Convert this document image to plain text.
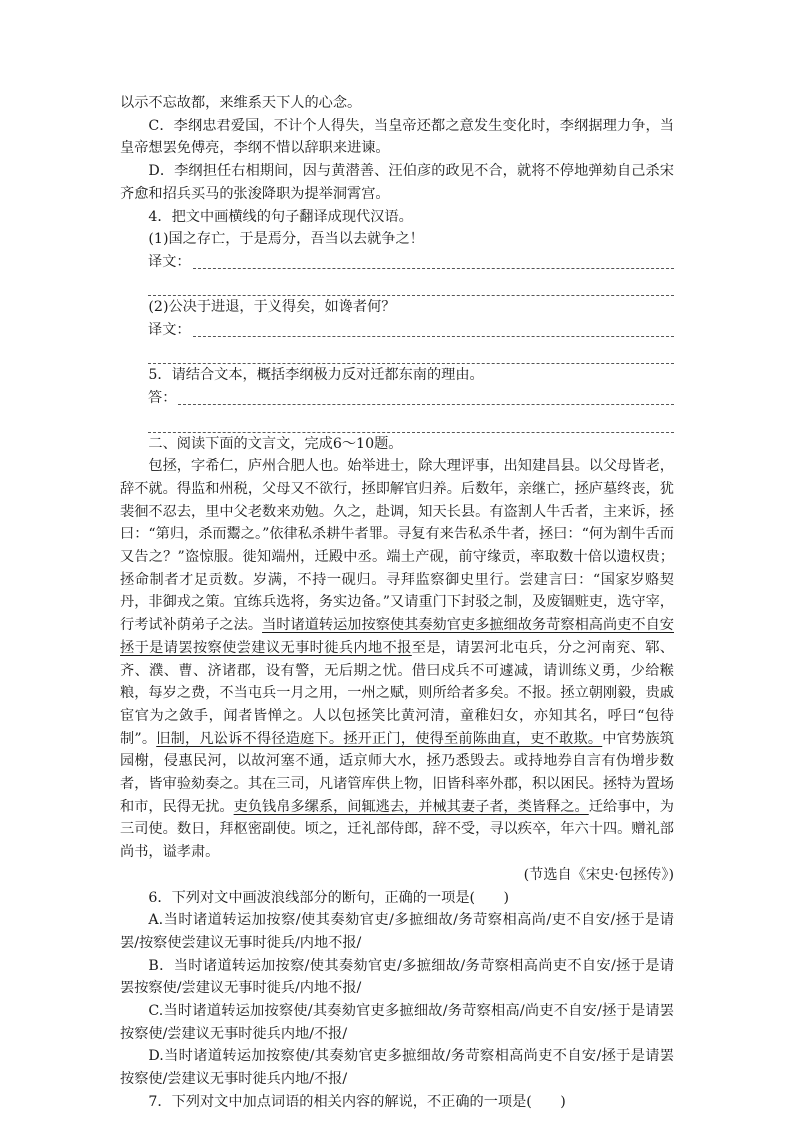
以示不忘故都，来维系天下人的心念。

C．李纲忠君爱国，不计个人得失，当皇帝还都之意发生变化时，李纲据理力争，当皇帝想罢免傅亮，李纲不惜以辞职来进谏。

D．李纲担任右相期间，因与黄潜善、汪伯彦的政见不合，就将不停地弹劾自己杀宋齐愈和招兵买马的张浚降职为提举洞霄宫。

4．把文中画横线的句子翻译成现代汉语。

(1)国之存亡，于是焉分，吾当以去就争之！

译文：

(2)公决于进退，于义得矣，如谗者何？

译文：

5．请结合文本，概括李纲极力反对迁都东南的理由。

答：

二、阅读下面的文言文，完成6～10题。

包拯，字希仁，庐州合肥人也。始举进士，除大理评事，出知建昌县。以父母皆老，辞不就。得监和州税，父母又不欲行，拯即解官归养。后数年，亲继亡，拯庐墓终丧，犹裴徊不忍去，里中父老数来劝勉。久之，赴调，知天长县。有盗割人牛舌者，主来诉，拯曰：“第归，杀而鬻之。”依律私杀耕牛者罪。寻复有来告私杀牛者，拯曰：“何为割牛舌而又告之？”盗惊服。徙知端州，迁殿中丞。端土产砚，前守缘贡，率取数十倍以遗权贵；拯命制者才足贡数。岁满，不持一砚归。寻拜监察御史里行。尝建言曰：“国家岁赂契丹，非御戎之策。宜练兵选将，务实边备。”又请重门下封驳之制，及废锢赃吏，选守宰，行考试补荫弟子之法。当时诸道转运加按察使其奏劾官吏多摭细故务苛察相高尚吏不自安拯于是请罢按察使尝建议无事时徙兵内地不报至是，请罢河北屯兵，分之河南兖、郓、齐、濮、曹、济诸郡，设有警，无后期之忧。借曰戍兵不可遽减，请训练义勇，少给糇粮，每岁之费，不当屯兵一月之用，一州之赋，则所给者多矣。不报。拯立朝刚毅，贵戚宦官为之敛手，闻者皆惮之。人以包拯笑比黄河清，童稚妇女，亦知其名，呼曰“包待制”。旧制，凡讼诉不得径造庭下。拯开正门，使得至前陈曲直，吏不敢欺。中官势族筑园榭，侵惠民河，以故河塞不通，适京师大水，拯乃悉毁去。或持地券自言有伪增步数者，皆审验劾奏之。其在三司，凡诸管库供上物，旧皆科率外郡，积以困民。拯特为置场和市，民得无扰。吏负钱帛多缧系，间辄逃去，并械其妻子者，类皆释之。迁给事中，为三司使。数日，拜枢密副使。顷之，迁礼部侍郎，辞不受，寻以疾卒，年六十四。赠礼部尚书，谥孝肃。

(节选自《宋史·包拯传》)

6．下列对文中画波浪线部分的断句，正确的一项是(　　)

A.当时诸道转运加按察/使其奏劾官吏/多摭细故/务苛察相高尚/吏不自安/拯于是请罢/按察使尝建议无事时徙兵/内地不报/

B．当时诸道转运加按察/使其奏劾官吏/多摭细故/务苛察相高尚吏不自安/拯于是请罢按察使/尝建议无事时徙兵/内地不报/

C.当时诸道转运加按察使/其奏劾官吏多摭细故/务苛察相高/尚吏不自安/拯于是请罢按察使/尝建议无事时徙兵内地/不报/

D.当时诸道转运加按察使/其奏劾官吏多摭细故/务苛察相高尚吏不自安/拯于是请罢按察使/尝建议无事时徙兵内地/不报/

7．下列对文中加点词语的相关内容的解说，不正确的一项是(　　)
